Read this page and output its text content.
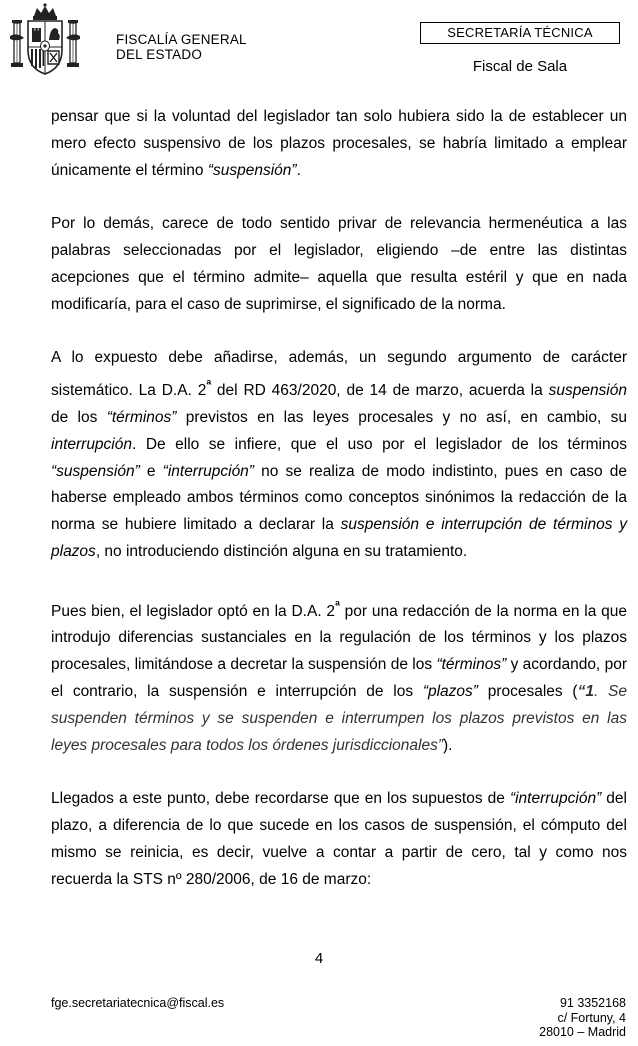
FISCALÍA GENERAL
DEL ESTADO
SECRETARÍA TÉCNICA
Fiscal de Sala

pensar que si la voluntad del legislador tan solo hubiera sido la de establecer un mero efecto suspensivo de los plazos procesales, se habría limitado a emplear únicamente el término “suspensión”.

Por lo demás, carece de todo sentido privar de relevancia hermenéutica a las palabras seleccionadas por el legislador, eligiendo –de entre las distintas acepciones que el término admite– aquella que resulta estéril y que en nada modificaría, para el caso de suprimirse, el significado de la norma.

A lo expuesto debe añadirse, además, un segundo argumento de carácter sistemático. La D.A. $2^ª$ del RD 463/2020, de 14 de marzo, acuerda la suspensión de los “términos” previstos en las leyes procesales y no así, en cambio, su interrupción. De ello se infiere, que el uso por el legislador de los términos “suspensión” e “interrupción” no se realiza de modo indistinto, pues en caso de haberse empleado ambos términos como conceptos sinónimos la redacción de la norma se hubiere limitado a declarar la suspensión e interrupción de términos y plazos, no introduciendo distinción alguna en su tratamiento.

Pues bien, el legislador optó en la D.A. $2^ª$ por una redacción de la norma en la que introdujo diferencias sustanciales en la regulación de los términos y los plazos procesales, limitándose a decretar la suspensión de los “términos” y acordando, por el contrario, la suspensión e interrupción de los “plazos” procesales (“1. Se suspenden términos y se suspenden e interrumpen los plazos previstos en las leyes procesales para todos los órdenes jurisdiccionales”).

Llegados a este punto, debe recordarse que en los supuestos de “interrupción” del plazo, a diferencia de lo que sucede en los casos de suspensión, el cómputo del mismo se reinicia, es decir, vuelve a contar a partir de cero, tal y como nos recuerda la STS nº 280/2006, de 16 de marzo:

4
fge.secretariatecnica@fiscal.es	91 3352168
c/ Fortuny, 4
28010 – Madrid
